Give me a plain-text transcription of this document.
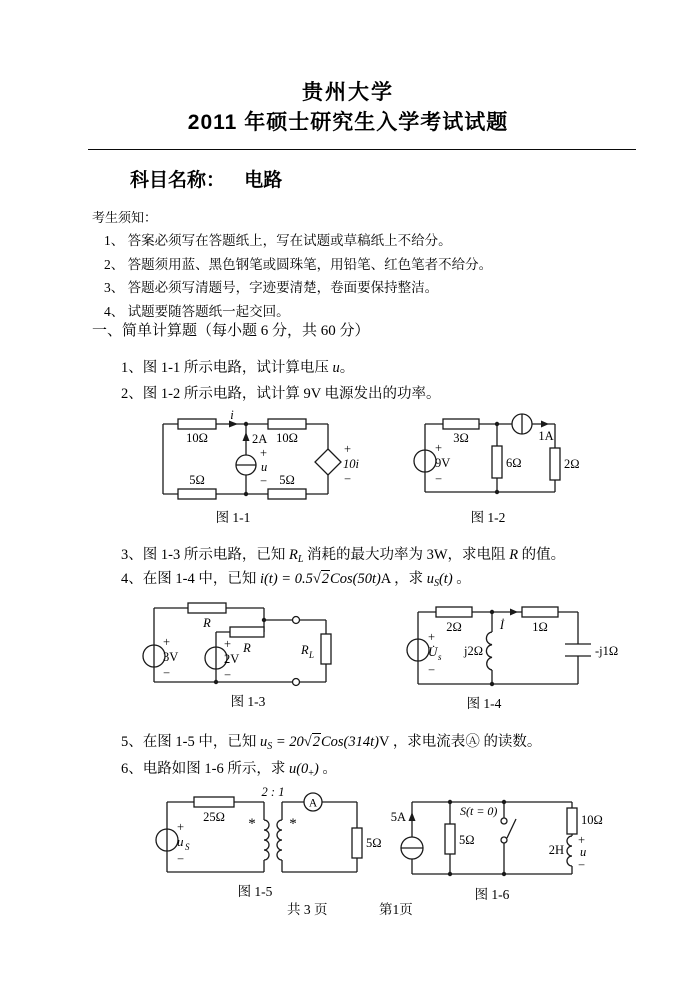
贵州大学
2011 年硕士研究生入学考试试题
科目名称： 电路
考生须知：
1、 答案必须写在答题纸上，写在试题或草稿纸上不给分。
2、 答题须用蓝、黑色钢笔或圆珠笔，用铅笔、红色笔者不给分。
3、 答题必须写清题号，字迹要清楚，卷面要保持整洁。
4、 试题要随答题纸一起交回。
一、简单计算题（每小题 6 分，共 60 分）
1、图 1-1 所示电路，试计算电压 u。
2、图 1-2 所示电路，试计算 9V 电源发出的功率。
10Ω
i
2A
+
u
−
10Ω
+
10i
−
5Ω	5Ω
图 1-1
+
9V
−
3Ω
6Ω
1A
2Ω
图 1-2
3、图 1-3 所示电路，已知 $R_L$ 消耗的最大功率为 3W，求电阻 R 的值。
4、在图 1-4 中，已知 i(t) = 0.5√2Cos(50t)A ，求 $u_S(t)$ 。
R
R
+
3V
−
+
2V
−
R L
图 1-3
+
U̇ s
−
2Ω	İ
j2Ω
1Ω
-j1Ω
图 1-4
5、在图 1-5 中，已知 $u_S = 20√2Cos(314t)V$ ，求电流表Ⓐ 的读数。
6、电路如图 1-6 所示，求 $u(0_+)$ 。
+
u S
−
25Ω
2 : 1
* *
A
5Ω
图 1-5
5A
5Ω
S(t = 0)
10Ω
2H
+
u
−
图 1-6
共 3 页	第1页
